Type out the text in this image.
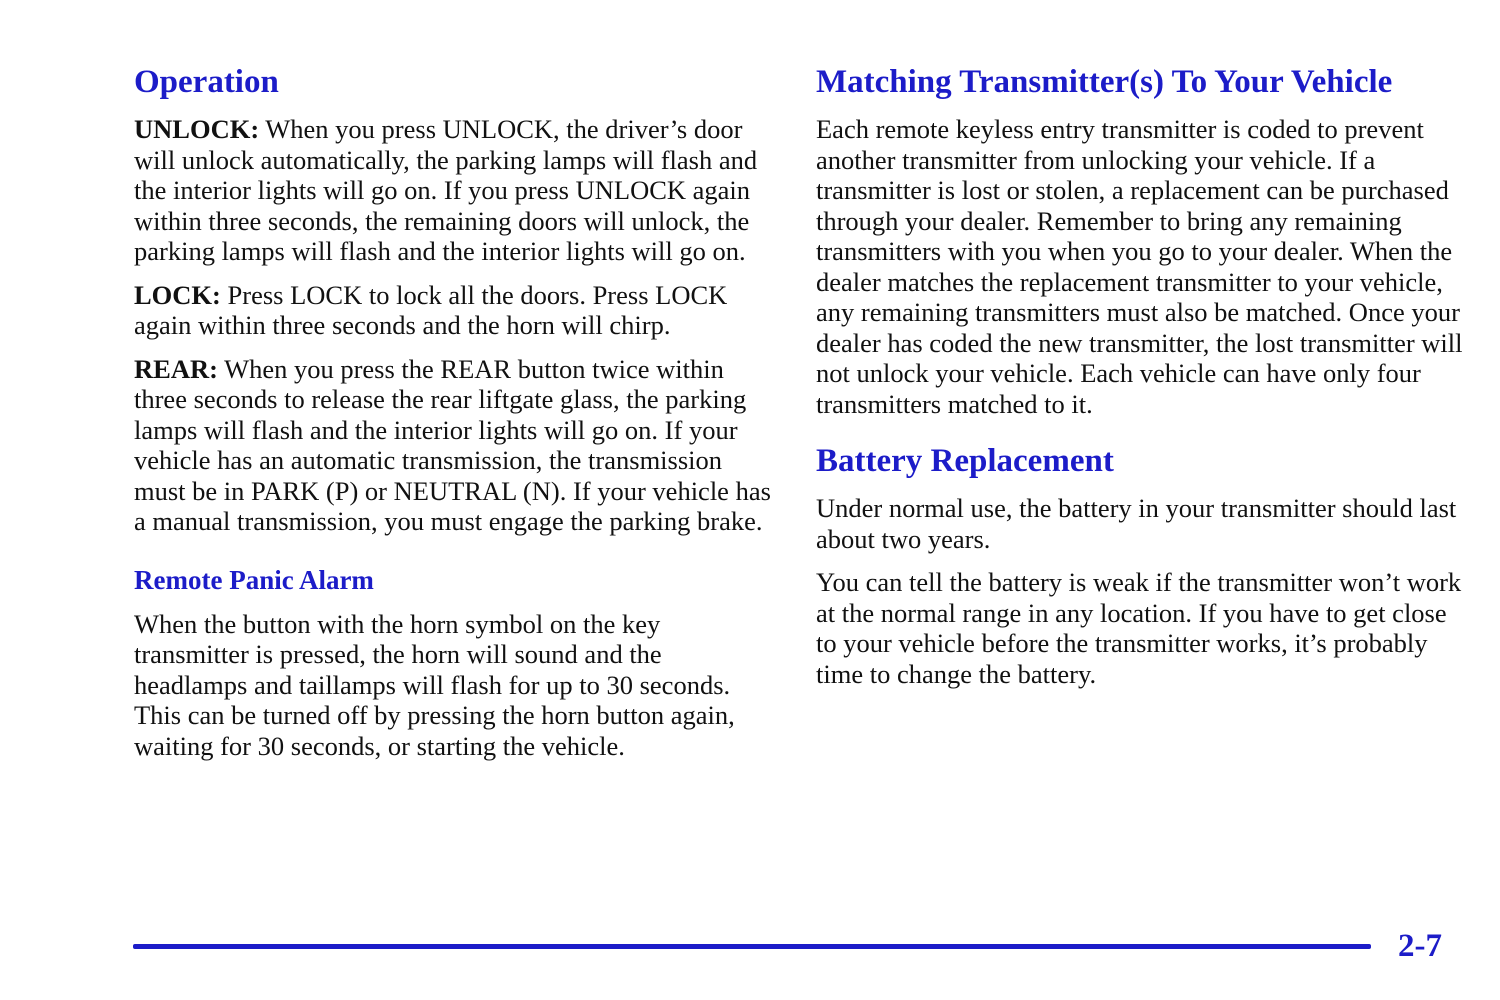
Operation

UNLOCK: When you press UNLOCK, the driver’s door will unlock automatically, the parking lamps will flash and the interior lights will go on. If you press UNLOCK again within three seconds, the remaining doors will unlock, the parking lamps will flash and the interior lights will go on.

LOCK: Press LOCK to lock all the doors. Press LOCK again within three seconds and the horn will chirp.

REAR: When you press the REAR button twice within three seconds to release the rear liftgate glass, the parking lamps will flash and the interior lights will go on. If your vehicle has an automatic transmission, the transmission must be in PARK (P) or NEUTRAL (N). If your vehicle has a manual transmission, you must engage the parking brake.

Remote Panic Alarm

When the button with the horn symbol on the key transmitter is pressed, the horn will sound and the headlamps and taillamps will flash for up to 30 seconds. This can be turned off by pressing the horn button again, waiting for 30 seconds, or starting the vehicle.

Matching Transmitter(s) To Your Vehicle

Each remote keyless entry transmitter is coded to prevent another transmitter from unlocking your vehicle. If a transmitter is lost or stolen, a replacement can be purchased through your dealer. Remember to bring any remaining transmitters with you when you go to your dealer. When the dealer matches the replacement transmitter to your vehicle, any remaining transmitters must also be matched. Once your dealer has coded the new transmitter, the lost transmitter will not unlock your vehicle. Each vehicle can have only four transmitters matched to it.

Battery Replacement

Under normal use, the battery in your transmitter should last about two years.

You can tell the battery is weak if the transmitter won’t work at the normal range in any location. If you have to get close to your vehicle before the transmitter works, it’s probably time to change the battery.

2-7
